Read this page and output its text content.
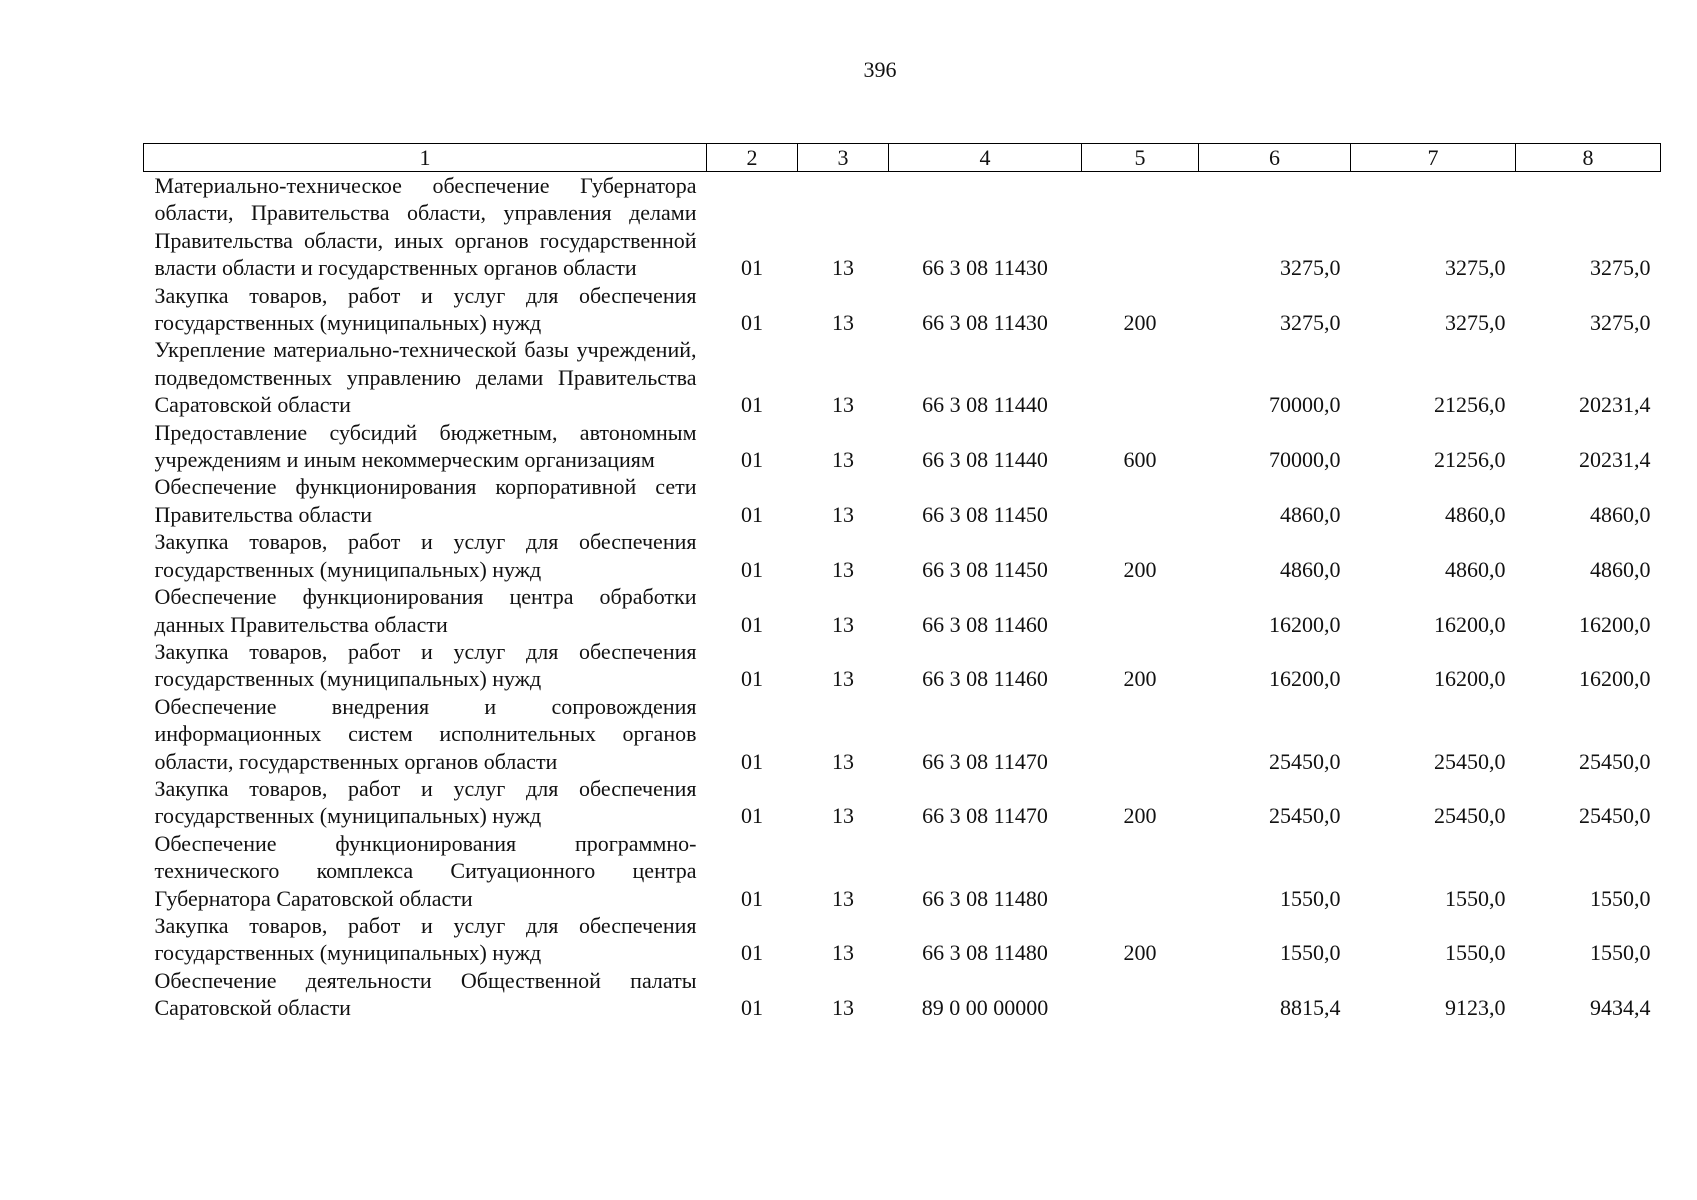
396
1	2	3	4	5	6	7	8
Материально-техническое обеспечение Губернатора области, Правительства области, управления делами Правительства области, иных органов государственной власти области и государственных органов области	01	13	66 3 08 11430		3275,0	3275,0	3275,0
Закупка товаров, работ и услуг для обеспечения государственных (муниципальных) нужд	01	13	66 3 08 11430	200	3275,0	3275,0	3275,0
Укрепление материально-технической базы учреждений, подведомственных управлению делами Правительства Саратовской области	01	13	66 3 08 11440		70000,0	21256,0	20231,4
Предоставление субсидий бюджетным, автономным учреждениям и иным некоммерческим организациям	01	13	66 3 08 11440	600	70000,0	21256,0	20231,4
Обеспечение функционирования корпоративной сети Правительства области	01	13	66 3 08 11450		4860,0	4860,0	4860,0
Закупка товаров, работ и услуг для обеспечения государственных (муниципальных) нужд	01	13	66 3 08 11450	200	4860,0	4860,0	4860,0
Обеспечение функционирования центра обработки данных Правительства области	01	13	66 3 08 11460		16200,0	16200,0	16200,0
Закупка товаров, работ и услуг для обеспечения государственных (муниципальных) нужд	01	13	66 3 08 11460	200	16200,0	16200,0	16200,0
Обеспечение внедрения и сопровождения информационных систем исполнительных органов области, государственных органов области	01	13	66 3 08 11470		25450,0	25450,0	25450,0
Закупка товаров, работ и услуг для обеспечения государственных (муниципальных) нужд	01	13	66 3 08 11470	200	25450,0	25450,0	25450,0
Обеспечение функционирования программно-технического комплекса Ситуационного центра Губернатора Саратовской области	01	13	66 3 08 11480		1550,0	1550,0	1550,0
Закупка товаров, работ и услуг для обеспечения государственных (муниципальных) нужд	01	13	66 3 08 11480	200	1550,0	1550,0	1550,0
Обеспечение деятельности Общественной палаты Саратовской области	01	13	89 0 00 00000		8815,4	9123,0	9434,4
